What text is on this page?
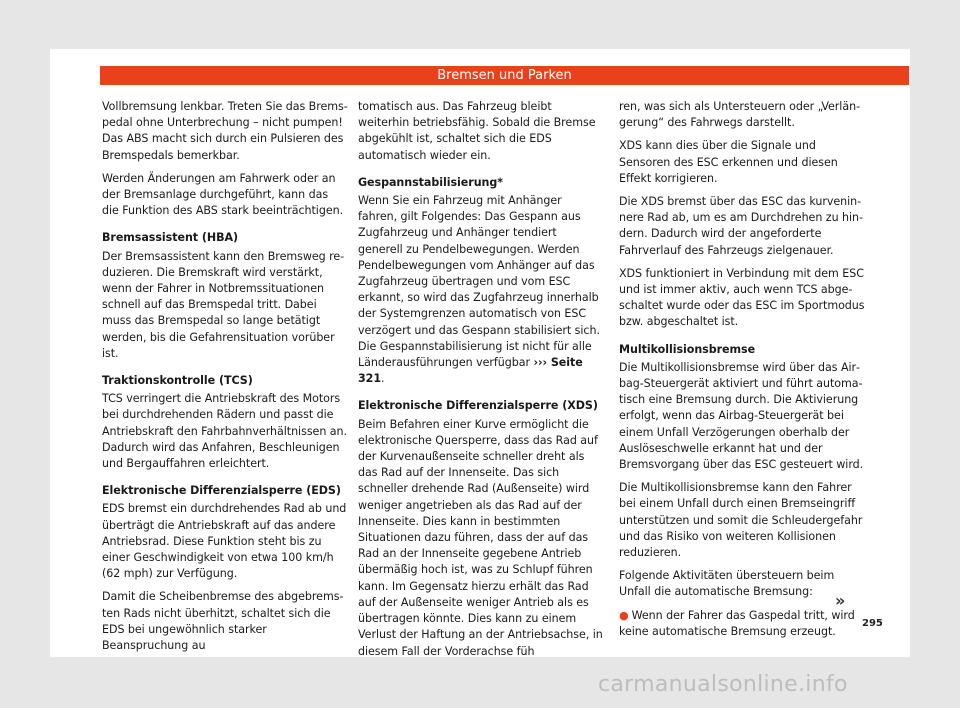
Bremsen und Parken

Vollbremsung lenkbar. Treten Sie das Bremspedal ohne Unterbrechung – nicht pumpen! Das ABS macht sich durch ein Pulsieren des Bremspedals bemerkbar.

Werden Änderungen am Fahrwerk oder an der Bremsanlage durchgeführt, kann das die Funktion des ABS stark beeinträchtigen.

Bremsassistent (HBA)

Der Bremsassistent kann den Bremsweg reduzieren. Die Bremskraft wird verstärkt, wenn der Fahrer in Notbremssituationen schnell auf das Bremspedal tritt. Dabei muss das Bremspedal so lange betätigt werden, bis die Gefahrensituation vorüber ist.

Traktionskontrolle (TCS)

TCS verringert die Antriebskraft des Motors bei durchdrehenden Rädern und passt die Antriebskraft den Fahrbahnverhältnissen an. Dadurch wird das Anfahren, Beschleunigen und Bergauffahren erleichtert.

Elektronische Differenzialsperre (EDS)

EDS bremst ein durchdrehendes Rad ab und überträgt die Antriebskraft auf das andere Antriebsrad. Diese Funktion steht bis zu einer Geschwindigkeit von etwa 100 km/h (62 mph) zur Verfügung.

Damit die Scheibenbremse des abgebremsten Rads nicht überhitzt, schaltet sich die EDS bei ungewöhnlich starker Beanspruchung au

tomatisch aus. Das Fahrzeug bleibt weiterhin betriebsfähig. Sobald die Bremse abgekühlt ist, schaltet sich die EDS automatisch wieder ein.

Gespannstabilisierung*

Wenn Sie ein Fahrzeug mit Anhänger fahren, gilt Folgendes: Das Gespann aus Zugfahrzeug und Anhänger tendiert generell zu Pendelbewegungen. Werden Pendelbewegungen vom Anhänger auf das Zugfahrzeug übertragen und vom ESC erkannt, so wird das Zugfahrzeug innerhalb der Systemgrenzen automatisch von ESC verzögert und das Gespann stabilisiert sich. Die Gespannstabilisierung ist nicht für alle Länderausführungen verfügbar ››› Seite 321.

Elektronische Differenzialsperre (XDS)

Beim Befahren einer Kurve ermöglicht die elektronische Quersperre, dass das Rad auf der Kurvenaußenseite schneller dreht als das Rad auf der Innenseite. Das sich schneller drehende Rad (Außenseite) wird weniger angetrieben als das Rad auf der Innenseite. Dies kann in bestimmten Situationen dazu führen, dass der auf das Rad an der Innenseite gegebene Antrieb übermäßig hoch ist, was zu Schlupf führen kann. Im Gegensatz hierzu erhält das Rad auf der Außenseite weniger Antrieb als es übertragen könnte. Dies kann zu einem Verlust der Haftung an der Antriebsachse, in diesem Fall der Vorderachse füh

ren, was sich als Untersteuern oder „Verlängerung“ des Fahrwegs darstellt.

XDS kann dies über die Signale und Sensoren des ESC erkennen und diesen Effekt korrigieren.

Die XDS bremst über das ESC das kurveninnere Rad ab, um es am Durchdrehen zu hindern. Dadurch wird der angeforderte Fahrverlauf des Fahrzeugs zielgenauer.

XDS funktioniert in Verbindung mit dem ESC und ist immer aktiv, auch wenn TCS abgeschaltet wurde oder das ESC im Sportmodus bzw. abgeschaltet ist.

Multikollisionsbremse

Die Multikollisionsbremse wird über das Airbag-Steuergerät aktiviert und führt automatisch eine Bremsung durch. Die Aktivierung erfolgt, wenn das Airbag-Steuergerät bei einem Unfall Verzögerungen oberhalb der Auslöseschwelle erkannt hat und der Bremsvorgang über das ESC gesteuert wird.

Die Multikollisionsbremse kann den Fahrer bei einem Unfall durch einen Bremseingriff unterstützen und somit die Schleudergefahr und das Risiko von weiteren Kollisionen reduzieren.

Folgende Aktivitäten übersteuern beim Unfall die automatische Bremsung:

● Wenn der Fahrer das Gaspedal tritt, wird keine automatische Bremsung erzeugt.

»
295
carmanualsonline.info
